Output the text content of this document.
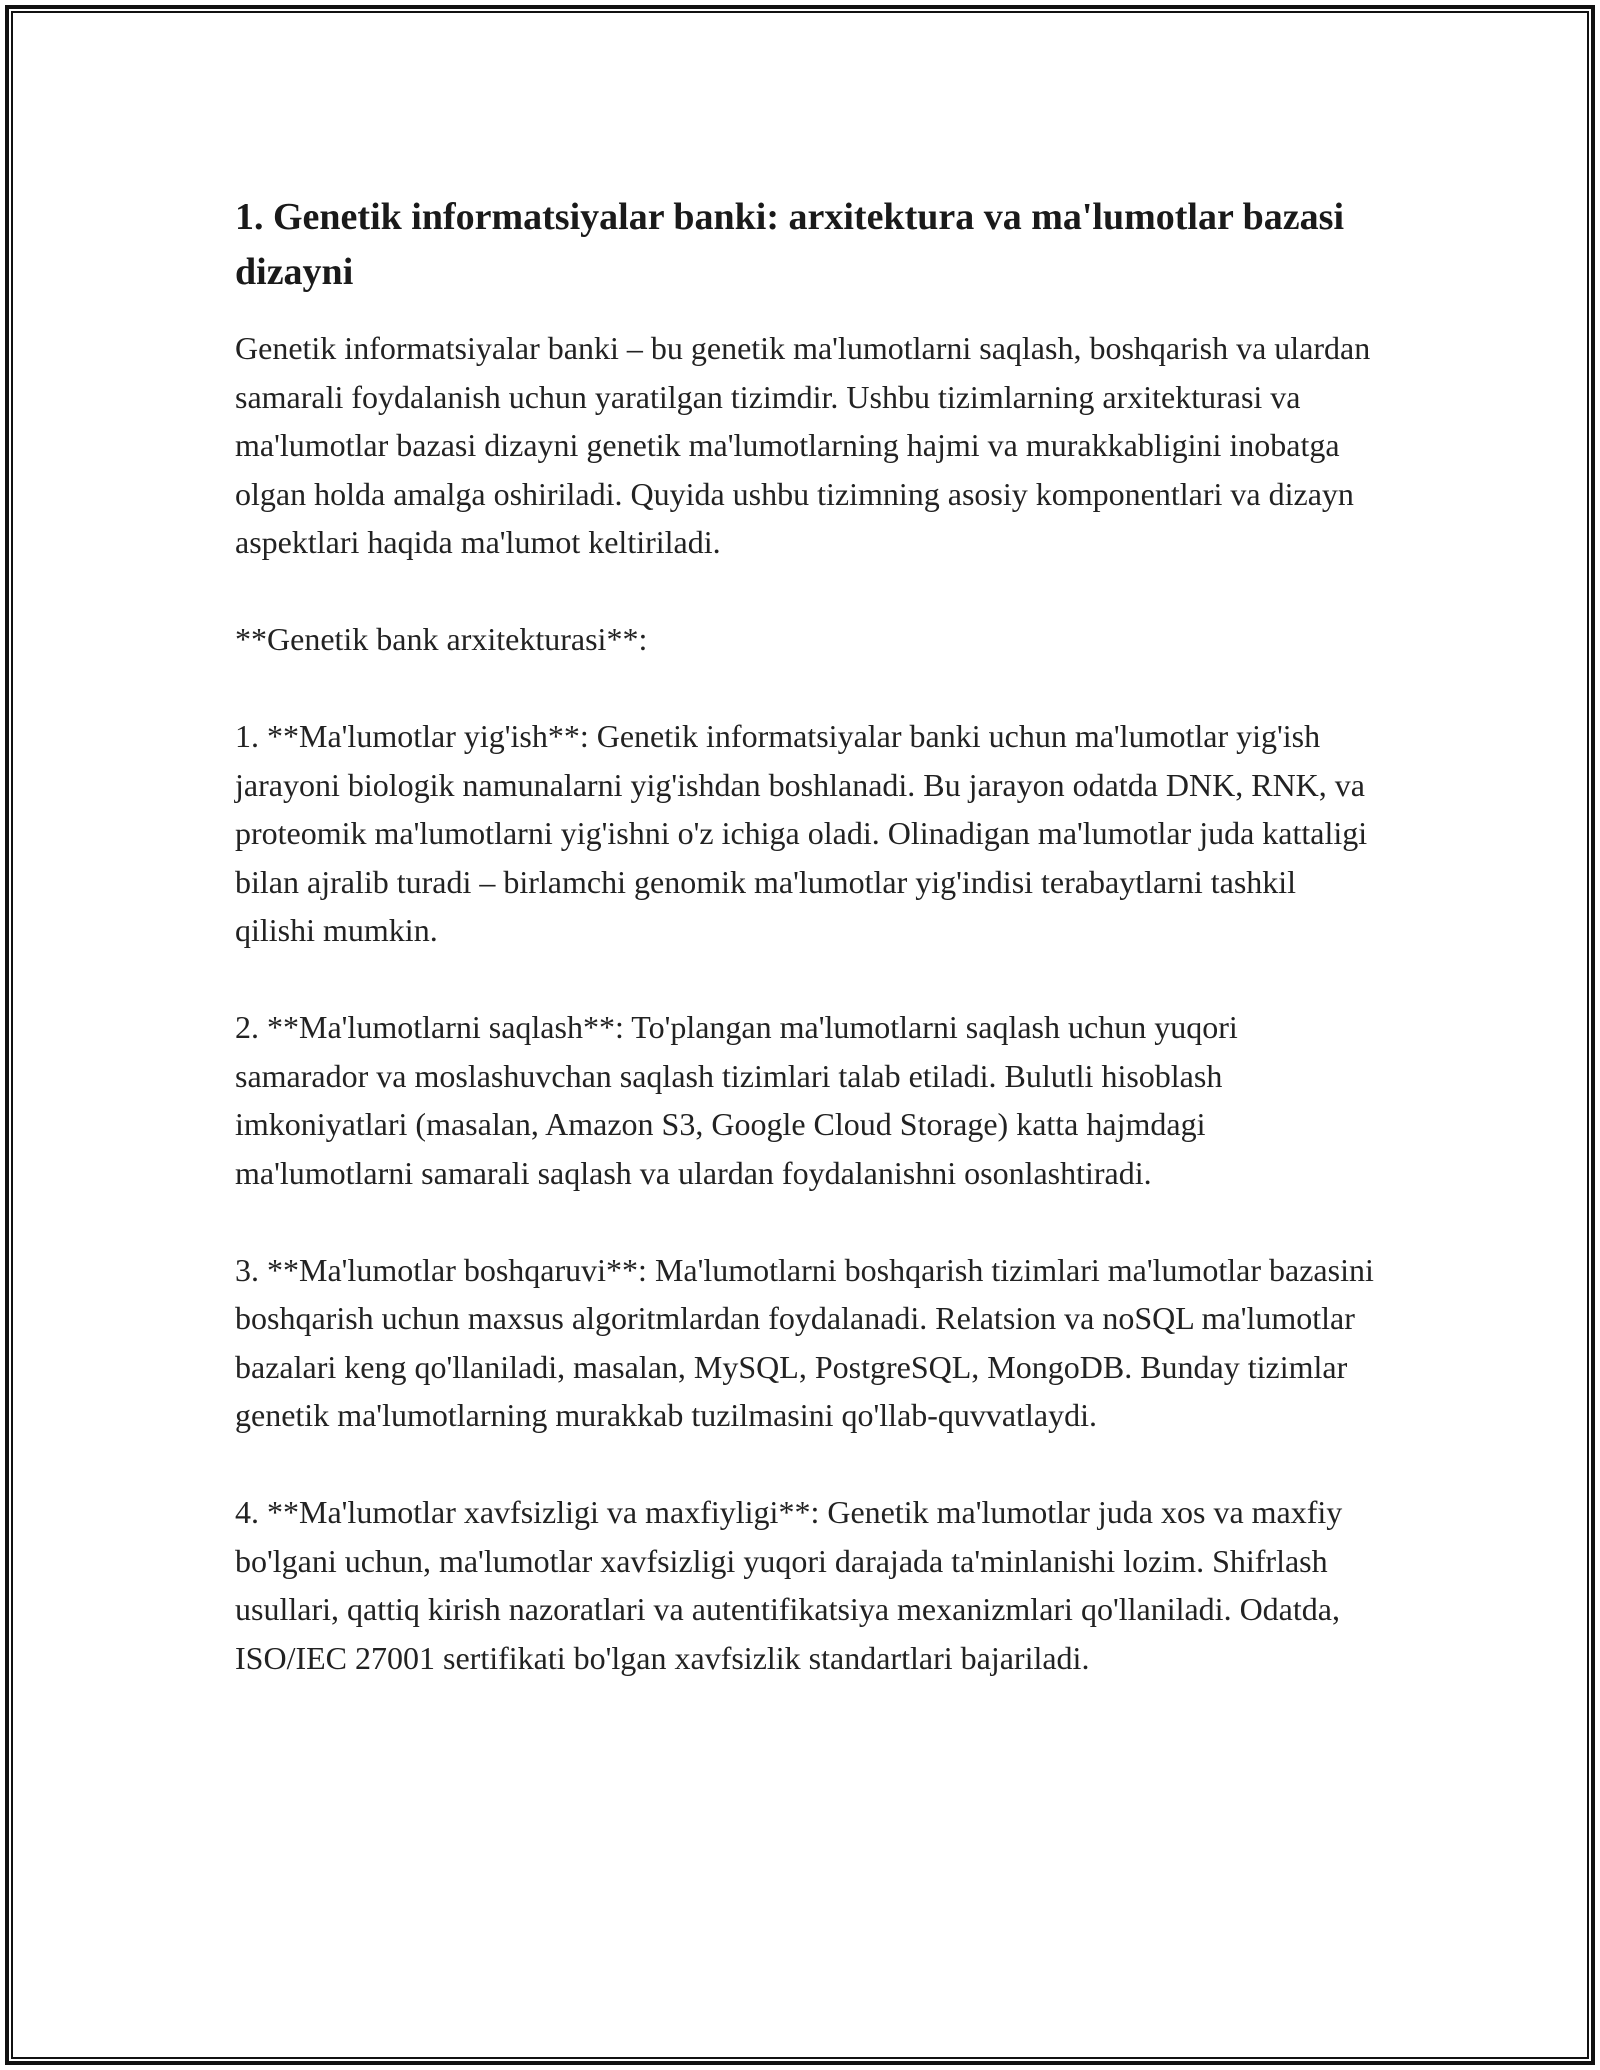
1. Genetik informatsiyalar banki: arxitektura va ma'lumotlar bazasi dizayni

Genetik informatsiyalar banki – bu genetik ma'lumotlarni saqlash, boshqarish va ulardan samarali foydalanish uchun yaratilgan tizimdir. Ushbu tizimlarning arxitekturasi va ma'lumotlar bazasi dizayni genetik ma'lumotlarning hajmi va murakkabligini inobatga olgan holda amalga oshiriladi. Quyida ushbu tizimning asosiy komponentlari va dizayn aspektlari haqida ma'lumot keltiriladi.

**Genetik bank arxitekturasi**:

1. **Ma'lumotlar yig'ish**: Genetik informatsiyalar banki uchun ma'lumotlar yig'ish jarayoni biologik namunalarni yig'ishdan boshlanadi. Bu jarayon odatda DNK, RNK, va proteomik ma'lumotlarni yig'ishni o'z ichiga oladi. Olinadigan ma'lumotlar juda kattaligi bilan ajralib turadi – birlamchi genomik ma'lumotlar yig'indisi terabaytlarni tashkil qilishi mumkin.

2. **Ma'lumotlarni saqlash**: To'plangan ma'lumotlarni saqlash uchun yuqori samarador va moslashuvchan saqlash tizimlari talab etiladi. Bulutli hisoblash imkoniyatlari (masalan, Amazon S3, Google Cloud Storage) katta hajmdagi ma'lumotlarni samarali saqlash va ulardan foydalanishni osonlashtiradi.

3. **Ma'lumotlar boshqaruvi**: Ma'lumotlarni boshqarish tizimlari ma'lumotlar bazasini boshqarish uchun maxsus algoritmlardan foydalanadi. Relatsion va noSQL ma'lumotlar bazalari keng qo'llaniladi, masalan, MySQL, PostgreSQL, MongoDB. Bunday tizimlar genetik ma'lumotlarning murakkab tuzilmasini qo'llab-quvvatlaydi.

4. **Ma'lumotlar xavfsizligi va maxfiyligi**: Genetik ma'lumotlar juda xos va maxfiy bo'lgani uchun, ma'lumotlar xavfsizligi yuqori darajada ta'minlanishi lozim. Shifrlash usullari, qattiq kirish nazoratlari va autentifikatsiya mexanizmlari qo'llaniladi. Odatda, ISO/IEC 27001 sertifikati bo'lgan xavfsizlik standartlari bajariladi.
